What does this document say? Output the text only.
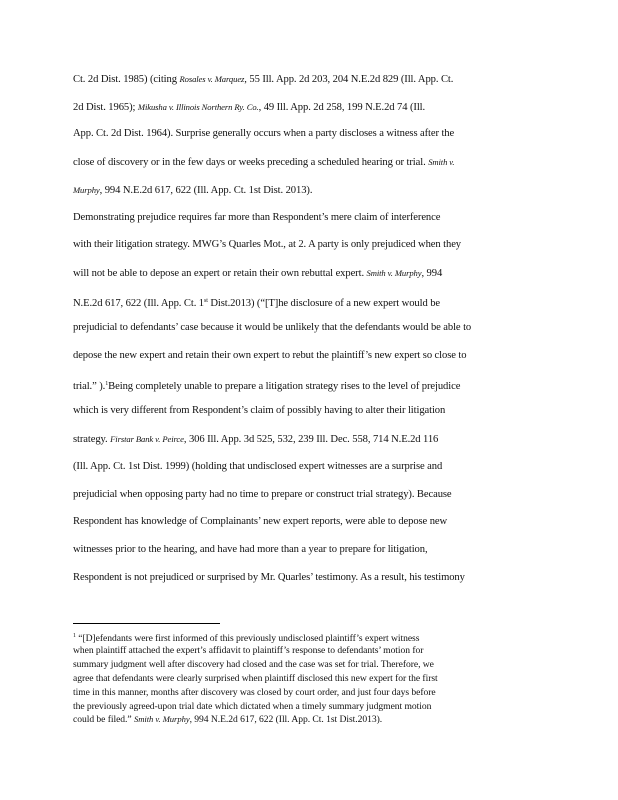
Ct. 2d Dist. 1985) (citing Rosales v. Marquez, 55 Ill. App. 2d 203, 204 N.E.2d 829 (Ill. App. Ct.
2d Dist. 1965); Mikusha v. Illinois Northern Ry. Co., 49 Ill. App. 2d 258, 199 N.E.2d 74 (Ill.
App. Ct. 2d Dist. 1964). Surprise generally occurs when a party discloses a witness after the
close of discovery or in the few days or weeks preceding a scheduled hearing or trial. Smith v.
Murphy, 994 N.E.2d 617, 622 (Ill. App. Ct. 1st Dist. 2013).
Demonstrating prejudice requires far more than Respondent’s mere claim of interference
with their litigation strategy. MWG’s Quarles Mot., at 2. A party is only prejudiced when they
will not be able to depose an expert or retain their own rebuttal expert. Smith v. Murphy, 994
N.E.2d 617, 622 (Ill. App. Ct. 1st Dist.2013) (“[T]he disclosure of a new expert would be
prejudicial to defendants’ case because it would be unlikely that the defendants would be able to
depose the new expert and retain their own expert to rebut the plaintiff’s new expert so close to
trial.” ).$^1$Being completely unable to prepare a litigation strategy rises to the level of prejudice
which is very different from Respondent’s claim of possibly having to alter their litigation
strategy. Firstar Bank v. Peirce, 306 Ill. App. 3d 525, 532, 239 Ill. Dec. 558, 714 N.E.2d 116
(Ill. App. Ct. 1st Dist. 1999) (holding that undisclosed expert witnesses are a surprise and
prejudicial when opposing party had no time to prepare or construct trial strategy). Because
Respondent has knowledge of Complainants’ new expert reports, were able to depose new
witnesses prior to the hearing, and have had more than a year to prepare for litigation,
Respondent is not prejudiced or surprised by Mr. Quarles’ testimony. As a result, his testimony
$^1$ “[D]efendants were first informed of this previously undisclosed plaintiff’s expert witness
when plaintiff attached the expert’s affidavit to plaintiff’s response to defendants’ motion for
summary judgment well after discovery had closed and the case was set for trial. Therefore, we
agree that defendants were clearly surprised when plaintiff disclosed this new expert for the first
time in this manner, months after discovery was closed by court order, and just four days before
the previously agreed-upon trial date which dictated when a timely summary judgment motion
could be filed.” Smith v. Murphy, 994 N.E.2d 617, 622 (Ill. App. Ct. 1st Dist.2013).
